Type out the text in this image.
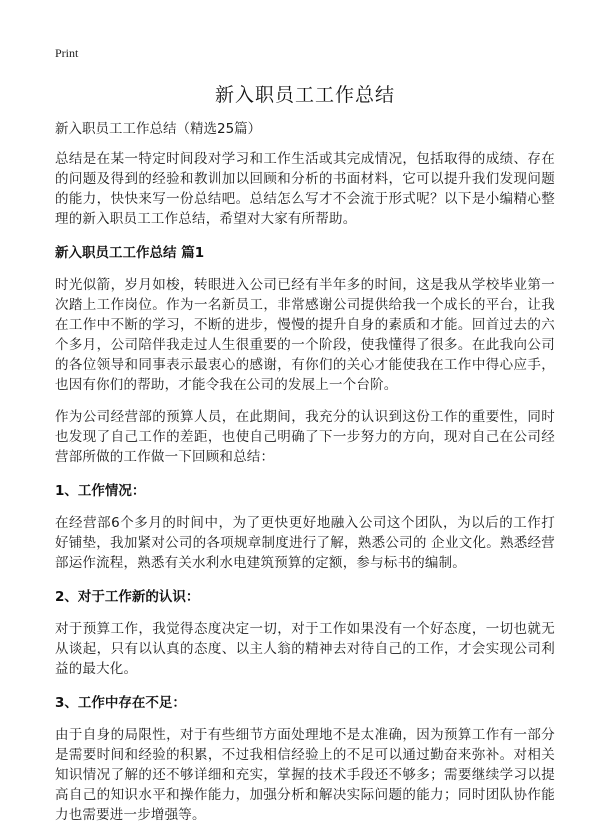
Print
新入职员工工作总结
新入职员工工作总结（精选25篇）

总结是在某一特定时间段对学习和工作生活或其完成情况，包括取得的成绩、存在的问题及得到的经验和教训加以回顾和分析的书面材料，它可以提升我们发现问题的能力，快快来写一份总结吧。总结怎么写才不会流于形式呢？以下是小编精心整理的新入职员工工作总结，希望对大家有所帮助。

新入职员工工作总结 篇1

时光似箭，岁月如梭，转眼进入公司已经有半年多的时间，这是我从学校毕业第一次踏上工作岗位。作为一名新员工，非常感谢公司提供给我一个成长的平台，让我在工作中不断的学习，不断的进步，慢慢的提升自身的素质和才能。回首过去的六个多月，公司陪伴我走过人生很重要的一个阶段，使我懂得了很多。在此我向公司的各位领导和同事表示最衷心的感谢，有你们的关心才能使我在工作中得心应手，也因有你们的帮助，才能令我在公司的发展上一个台阶。

作为公司经营部的预算人员，在此期间，我充分的认识到这份工作的重要性，同时也发现了自己工作的差距，也使自己明确了下一步努力的方向，现对自己在公司经营部所做的工作做一下回顾和总结：

1、工作情况：

在经营部6个多月的时间中，为了更快更好地融入公司这个团队，为以后的工作打好铺垫，我加紧对公司的各项规章制度进行了解，熟悉公司的 企业文化。熟悉经营部运作流程，熟悉有关水利水电建筑预算的定额，参与标书的编制。

2、对于工作新的认识：

对于预算工作，我觉得态度决定一切，对于工作如果没有一个好态度，一切也就无从谈起，只有以认真的态度、以主人翁的精神去对待自己的工作，才会实现公司利益的最大化。

3、工作中存在不足：

由于自身的局限性，对于有些细节方面处理地不是太准确，因为预算工作有一部分是需要时间和经验的积累，不过我相信经验上的不足可以通过勤奋来弥补。对相关知识情况了解的还不够详细和充实，掌握的技术手段还不够多；需要继续学习以提高自己的知识水平和操作能力，加强分析和解决实际问题的能力；同时团队协作能力也需要进一步增强等。
